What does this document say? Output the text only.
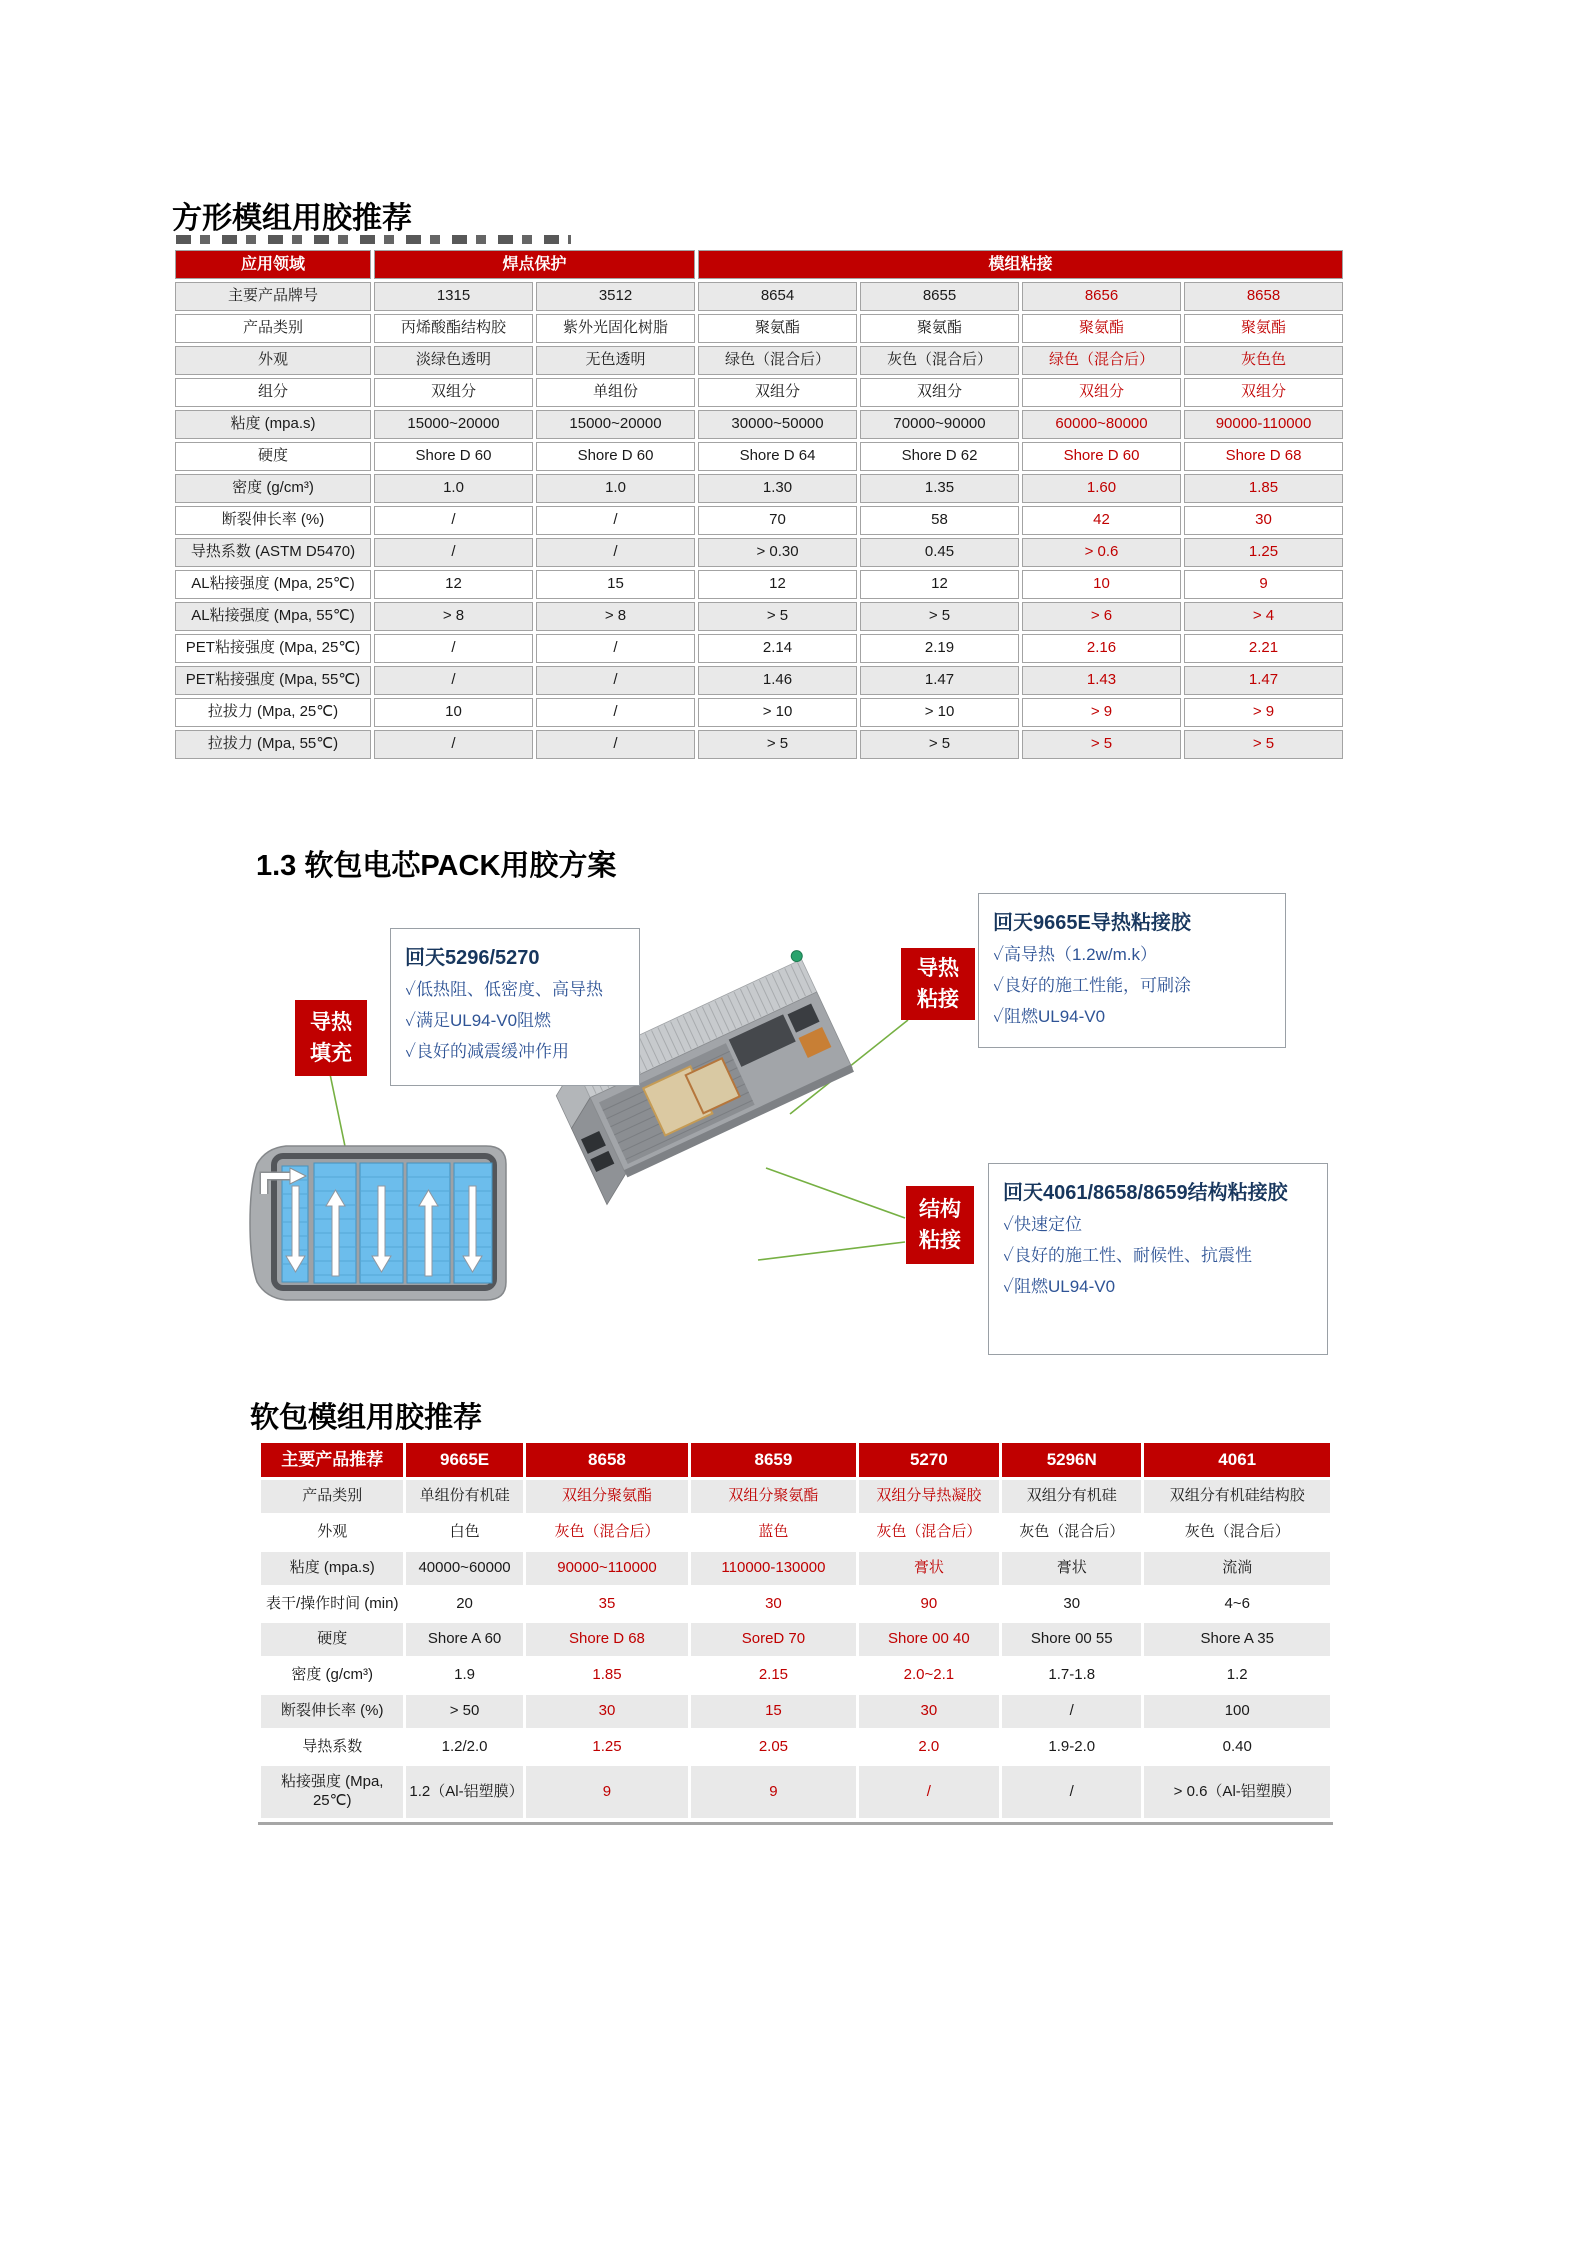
方形模组用胶推荐
应用领域	焊点保护		模组粘接			
主要产品牌号	1315	3512	8654	8655	8656	8658
产品类别	丙烯酸酯结构胶	紫外光固化树脂	聚氨酯	聚氨酯	聚氨酯	聚氨酯
外观	淡绿色透明	无色透明	绿色（混合后）	灰色（混合后）	绿色（混合后）	灰色色
组分	双组分	单组份	双组分	双组分	双组分	双组分
粘度 (mpa.s)	15000~20000	15000~20000	30000~50000	70000~90000	60000~80000	90000-110000
硬度	Shore D 60	Shore D 60	Shore D 64	Shore D 62	Shore D 60	Shore D 68
密度 (g/cm³)	1.0	1.0	1.30	1.35	1.60	1.85
断裂伸长率 (%)	/	/	70	58	42	30
导热系数 (ASTM D5470)	/	/	> 0.30	0.45	> 0.6	1.25
AL粘接强度 (Mpa, 25℃)	12	15	12	12	10	9
AL粘接强度 (Mpa, 55℃)	> 8	> 8	> 5	> 5	> 6	> 4
PET粘接强度 (Mpa, 25℃)	/	/	2.14	2.19	2.16	2.21
PET粘接强度 (Mpa, 55℃)	/	/	1.46	1.47	1.43	1.47
拉拔力 (Mpa, 25℃)	10	/	> 10	> 10	> 9	> 9
拉拔力 (Mpa, 55℃)	/	/	> 5	> 5	> 5	> 5
1.3 软包电芯PACK用胶方案
导热
填充
导热
粘接
结构
粘接
回天5296/5270
✓低热阻、低密度、高导热
✓满足UL94-V0阻燃
✓良好的减震缓冲作用
回天9665E导热粘接胶
✓高导热（1.2w/m.k）
✓良好的施工性能，可刷涂
✓阻燃UL94-V0
回天4061/8658/8659结构粘接胶
✓快速定位
✓良好的施工性、耐候性、抗震性
✓阻燃UL94-V0
软包模组用胶推荐
主要产品推荐	9665E	8658	8659	5270	5296N	4061
产品类别	单组份有机硅	双组分聚氨酯	双组分聚氨酯	双组分导热凝胶	双组分有机硅	双组分有机硅结构胶
外观	白色	灰色（混合后）	蓝色	灰色（混合后）	灰色（混合后）	灰色（混合后）
粘度 (mpa.s)	40000~60000	90000~110000	110000-130000	膏状	膏状	流淌
表干/操作时间 (min)	20	35	30	90	30	4~6
硬度	Shore A 60	Shore D 68	SoreD 70	Shore 00 40	Shore 00 55	Shore A 35
密度 (g/cm³)	1.9	1.85	2.15	2.0~2.1	1.7-1.8	1.2
断裂伸长率 (%)	> 50	30	15	30	/	100
导热系数	1.2/2.0	1.25	2.05	2.0	1.9-2.0	0.40
粘接强度 (Mpa, 25℃)	1.2（Al-铝塑膜）	9	9	/	/	> 0.6（Al-铝塑膜）
